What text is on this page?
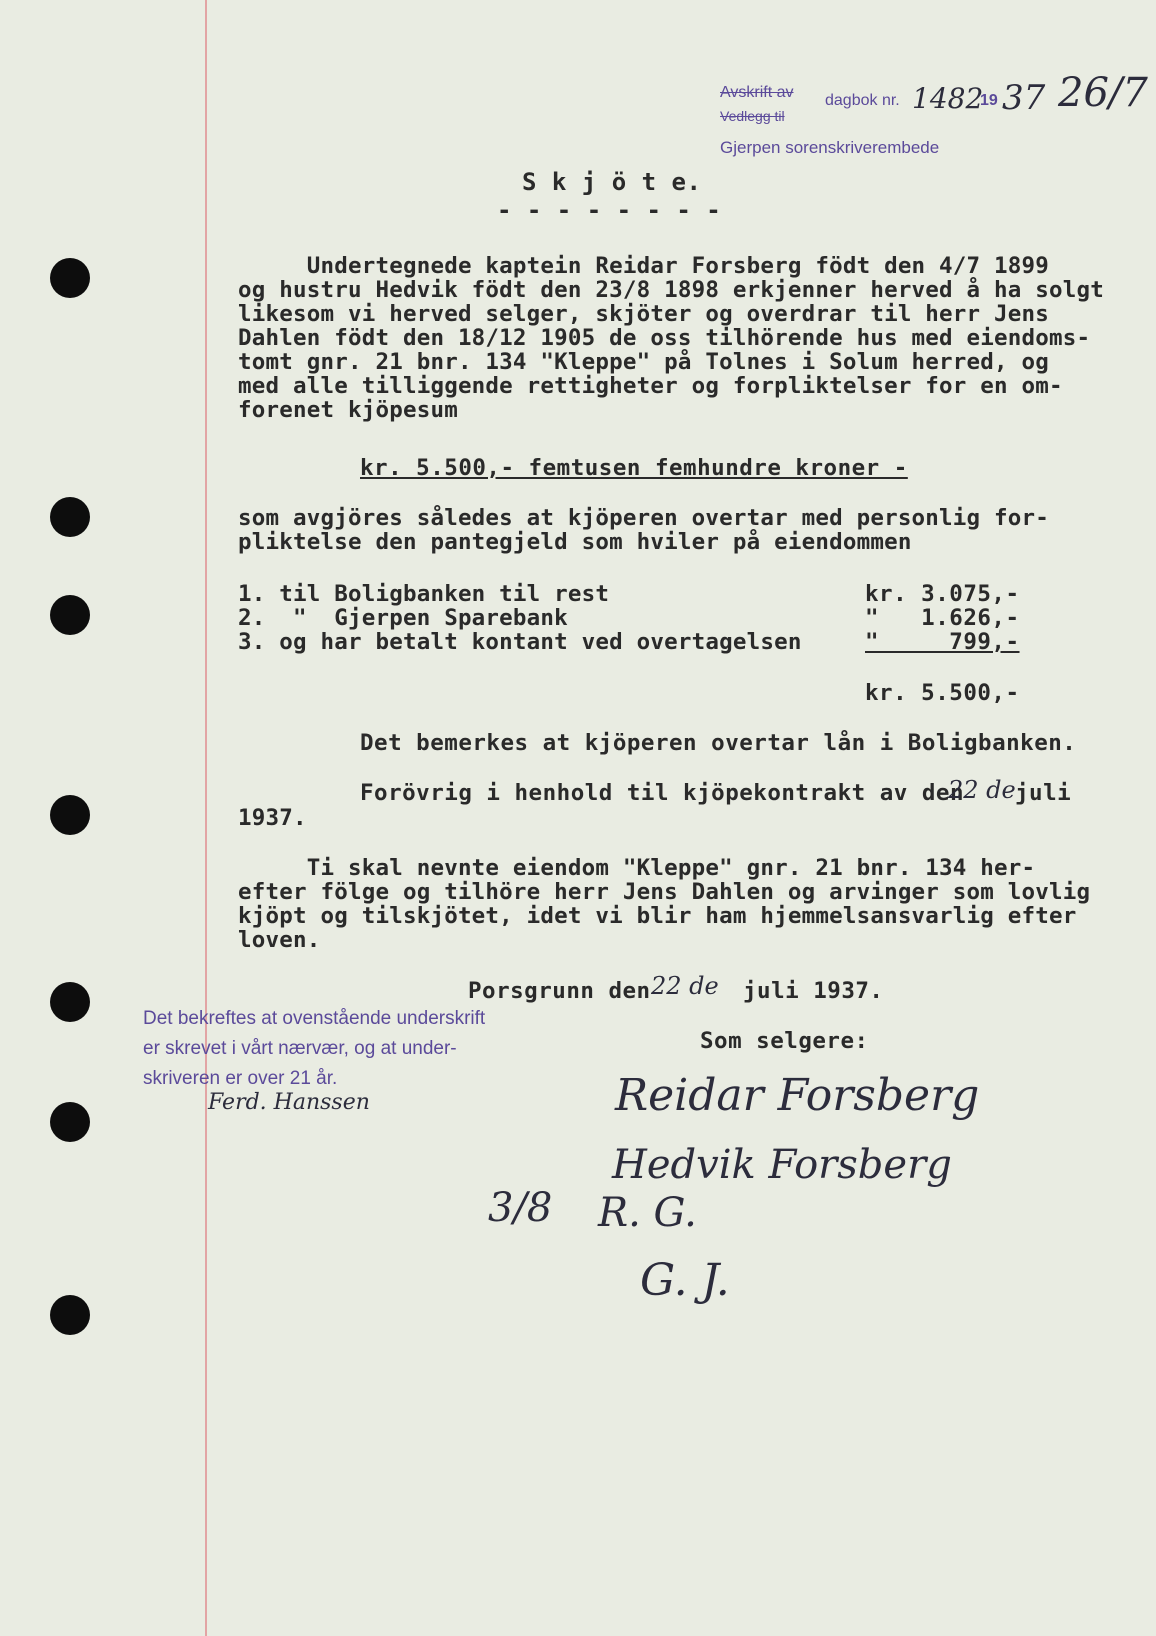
Avskrift av
Vedlegg til
dagbok nr. 1482
19 37 26/7
Gjerpen sorenskriverembede
S k j ö t e.
- - - - - - - -
Undertegnede kaptein Reidar Forsberg födt den 4/7 1899
og hustru Hedvik födt den 23/8 1898 erkjenner herved å ha solgt
likesom vi herved selger, skjöter og overdrar til herr Jens
Dahlen födt den 18/12 1905 de oss tilhörende hus med eiendoms-
tomt gnr. 21 bnr. 134 "Kleppe" på Tolnes i Solum herred, og
med alle tilliggende rettigheter og forpliktelser for en om-
forenet kjöpesum
kr. 5.500,- femtusen femhundre kroner -
som avgjöres således at kjöperen overtar med personlig for-
pliktelse den pantegjeld som hviler på eiendommen
1. til Boligbanken til rest	kr. 3.075,-
2.  "  Gjerpen Sparebank	"   1.626,-
3. og har betalt kontant ved overtagelsen	"     799,-
kr. 5.500,-
Det bemerkes at kjöperen overtar lån i Boligbanken.
Forövrig i henhold til kjöpekontrakt av den
22 de juli
1937.
Ti skal nevnte eiendom "Kleppe" gnr. 21 bnr. 134 her-
efter fölge og tilhöre herr Jens Dahlen og arvinger som lovlig
kjöpt og tilskjötet, idet vi blir ham hjemmelsansvarlig efter
loven.
Porsgrunn den 22 de juli 1937.
Det bekreftes at ovenstående underskrift
er skrevet i vårt nærvær, og at under-
skriveren er over 21 år.
Ferd. Hanssen
Som selgere:
Reidar Forsberg
Hedvik Forsberg
3/8 R. G.
G. J.
